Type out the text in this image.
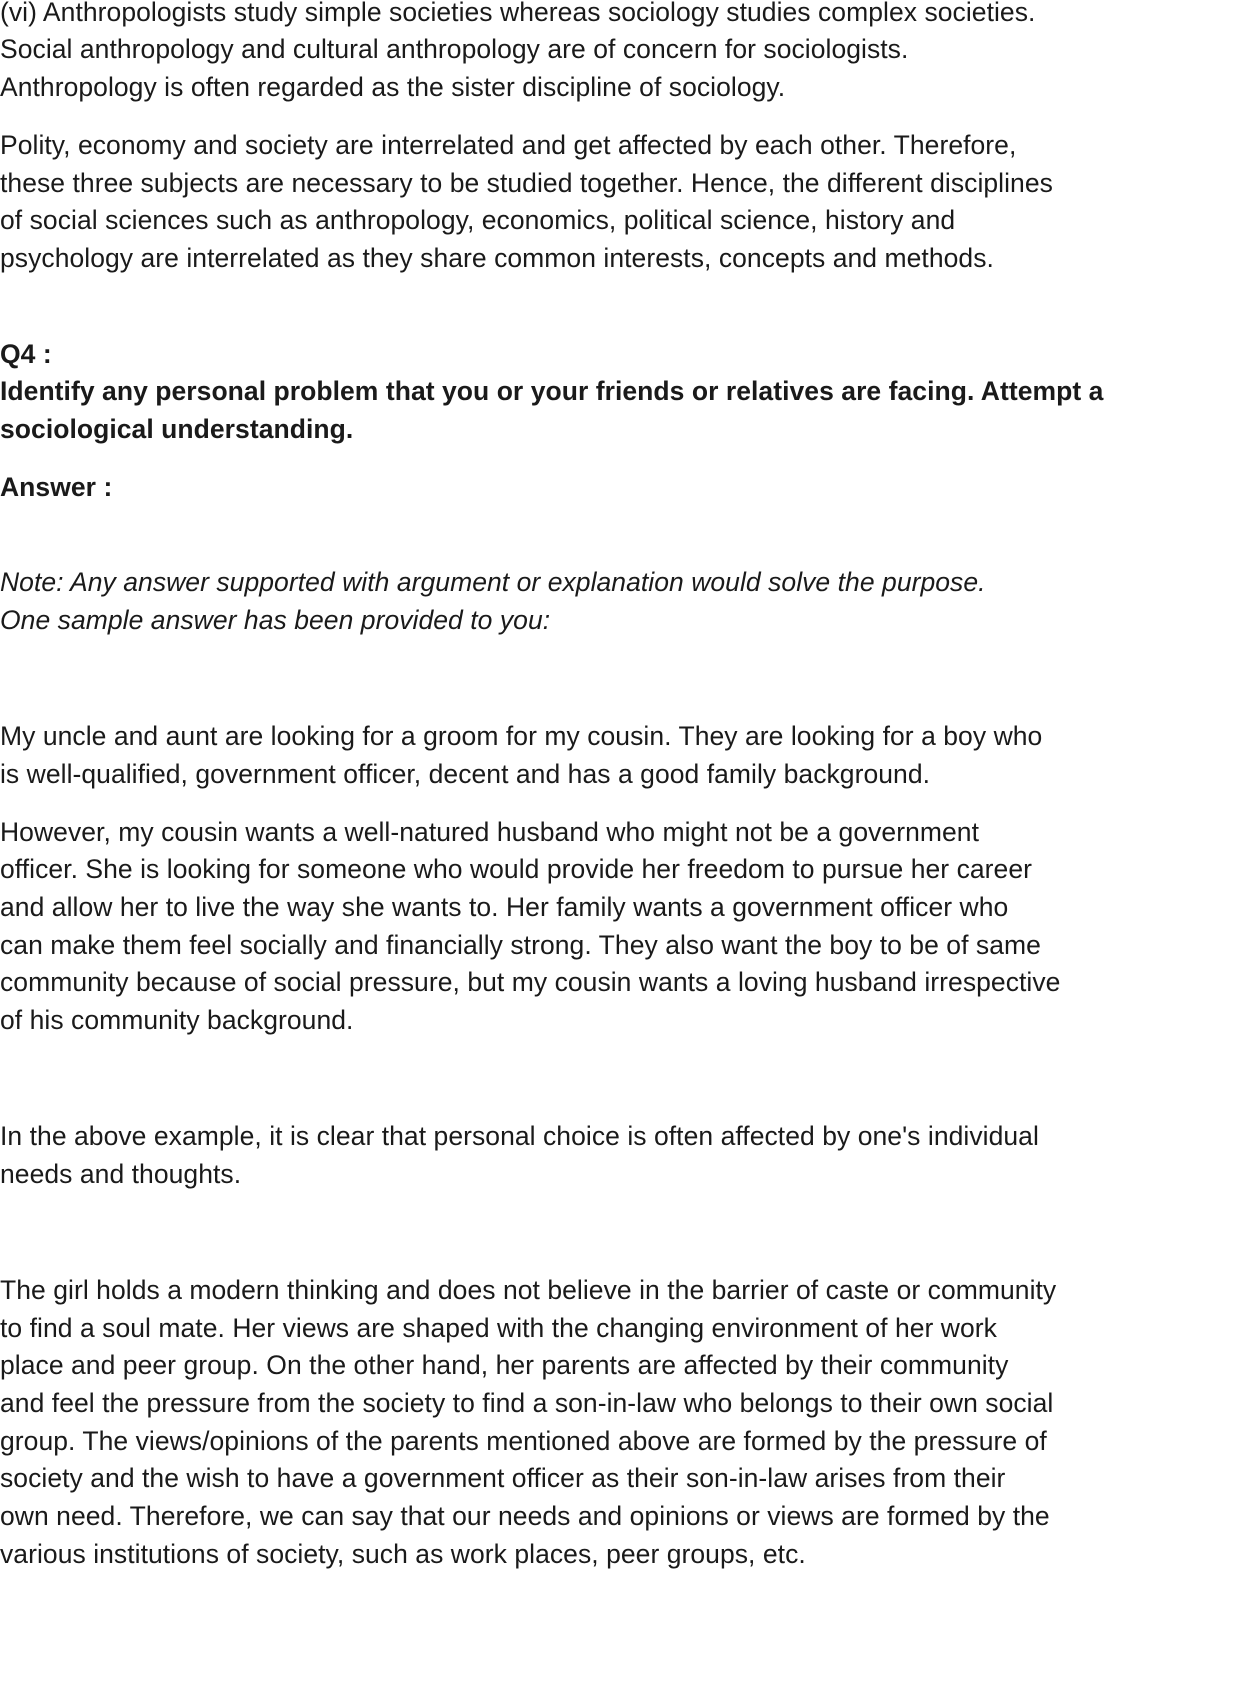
(vi) Anthropologists study simple societies whereas sociology studies complex societies.
Social anthropology and cultural anthropology are of concern for sociologists.
Anthropology is often regarded as the sister discipline of sociology.
Polity, economy and society are interrelated and get affected by each other. Therefore,
these three subjects are necessary to be studied together. Hence, the different disciplines
of social sciences such as anthropology, economics, political science, history and
psychology are interrelated as they share common interests, concepts and methods.
Q4 :
Identify any personal problem that you or your friends or relatives are facing. Attempt a
sociological understanding.
Answer :
Note: Any answer supported with argument or explanation would solve the purpose.
One sample answer has been provided to you:
My uncle and aunt are looking for a groom for my cousin. They are looking for a boy who
is well-qualified, government officer, decent and has a good family background.
However, my cousin wants a well-natured husband who might not be a government
officer. She is looking for someone who would provide her freedom to pursue her career
and allow her to live the way she wants to. Her family wants a government officer who
can make them feel socially and financially strong. They also want the boy to be of same
community because of social pressure, but my cousin wants a loving husband irrespective
of his community background.
In the above example, it is clear that personal choice is often affected by one's individual
needs and thoughts.
The girl holds a modern thinking and does not believe in the barrier of caste or community
to find a soul mate. Her views are shaped with the changing environment of her work
place and peer group. On the other hand, her parents are affected by their community
and feel the pressure from the society to find a son-in-law who belongs to their own social
group. The views/opinions of the parents mentioned above are formed by the pressure of
society and the wish to have a government officer as their son-in-law arises from their
own need. Therefore, we can say that our needs and opinions or views are formed by the
various institutions of society, such as work places, peer groups, etc.
